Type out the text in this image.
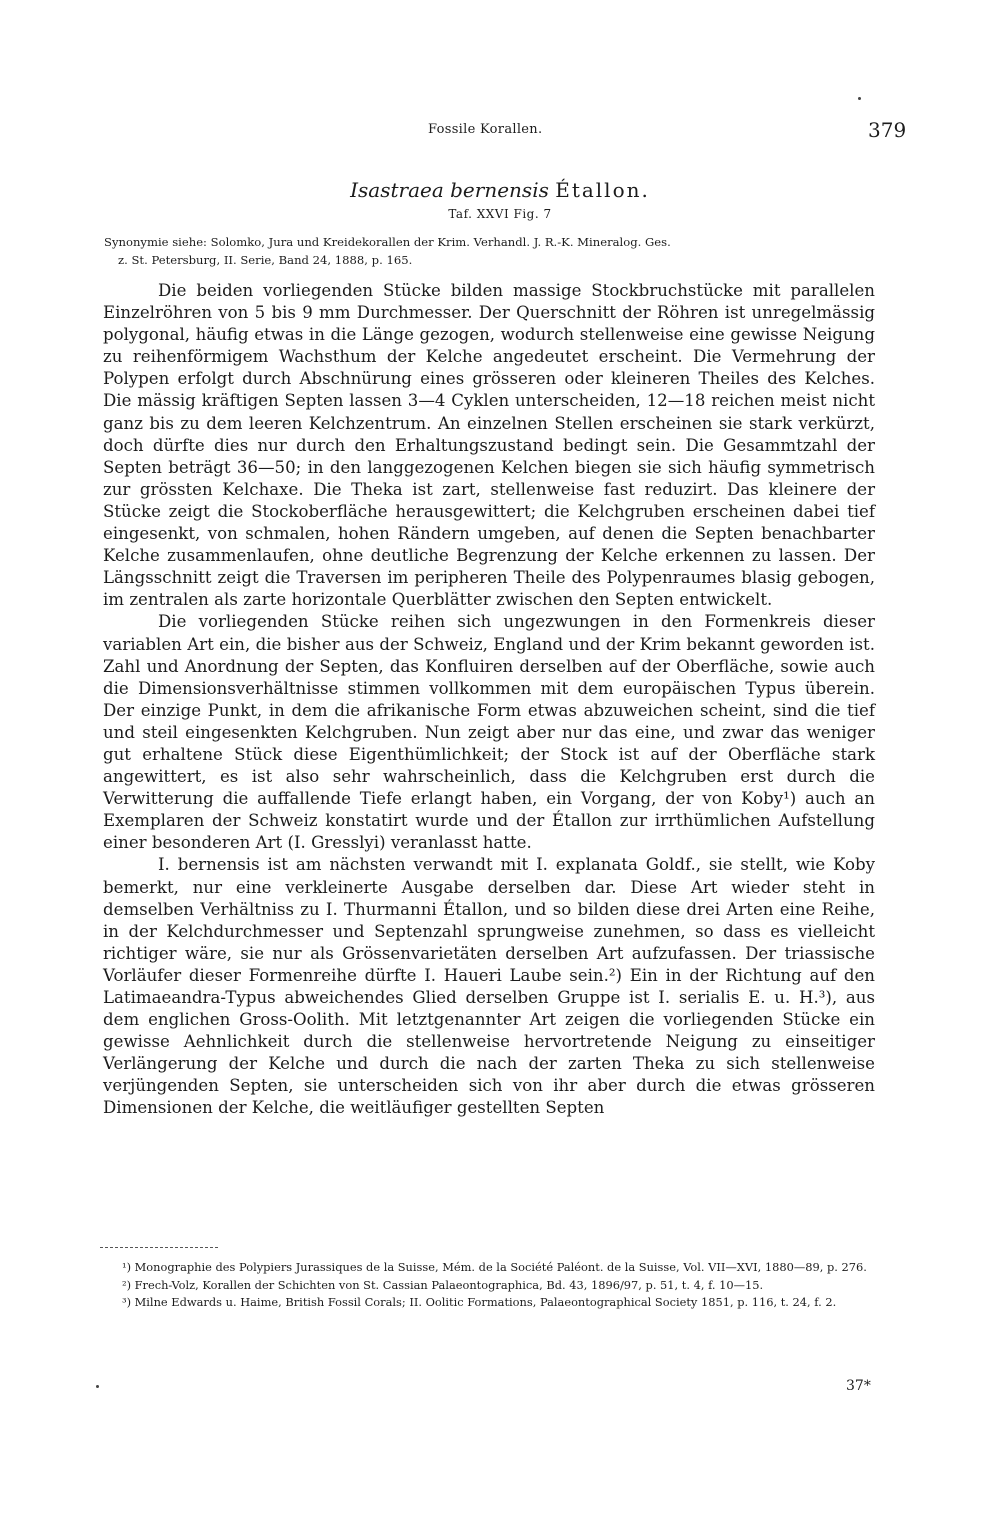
Fossile Korallen.	379
Isastraea bernensis Étallon.
Taf. XXVI Fig. 7
Synonymie siehe: Solomko, Jura und Kreidekorallen der Krim. Verhandl. J. R.-K. Mineralog. Ges.
z. St. Petersburg, II. Serie, Band 24, 1888, p. 165.

Die beiden vorliegenden Stücke bilden massige Stockbruchstücke mit parallelen Einzelröhren von 5 bis 9 mm Durchmesser. Der Querschnitt der Röhren ist unregelmässig polygonal, häufig etwas in die Länge gezogen, wodurch stellenweise eine gewisse Neigung zu reihenförmigem Wachsthum der Kelche angedeutet erscheint. Die Vermehrung der Polypen erfolgt durch Abschnürung eines grösseren oder kleineren Theiles des Kelches. Die mässig kräftigen Septen lassen 3—4 Cyklen unterscheiden, 12—18 reichen meist nicht ganz bis zu dem leeren Kelchzentrum. An einzelnen Stellen erscheinen sie stark verkürzt, doch dürfte dies nur durch den Erhaltungszustand bedingt sein. Die Gesammtzahl der Septen beträgt 36—50; in den langgezogenen Kelchen biegen sie sich häufig symmetrisch zur grössten Kelchaxe. Die Theka ist zart, stellenweise fast reduzirt. Das kleinere der Stücke zeigt die Stockoberfläche herausgewittert; die Kelchgruben erscheinen dabei tief eingesenkt, von schmalen, hohen Rändern umgeben, auf denen die Septen benachbarter Kelche zusammenlaufen, ohne deutliche Begrenzung der Kelche erkennen zu lassen. Der Längsschnitt zeigt die Traversen im peripheren Theile des Polypenraumes blasig gebogen, im zentralen als zarte horizontale Querblätter zwischen den Septen entwickelt.

Die vorliegenden Stücke reihen sich ungezwungen in den Formenkreis dieser variablen Art ein, die bisher aus der Schweiz, England und der Krim bekannt geworden ist. Zahl und Anordnung der Septen, das Konfluiren derselben auf der Oberfläche, sowie auch die Dimensionsverhältnisse stimmen vollkommen mit dem europäischen Typus überein. Der einzige Punkt, in dem die afrikanische Form etwas abzuweichen scheint, sind die tief und steil eingesenkten Kelchgruben. Nun zeigt aber nur das eine, und zwar das weniger gut erhaltene Stück diese Eigenthümlichkeit; der Stock ist auf der Oberfläche stark angewittert, es ist also sehr wahrscheinlich, dass die Kelchgruben erst durch die Verwitterung die auffallende Tiefe erlangt haben, ein Vorgang, der von Koby¹) auch an Exemplaren der Schweiz konstatirt wurde und der Étallon zur irrthümlichen Aufstellung einer besonderen Art (I. Gresslyi) veranlasst hatte.

I. bernensis ist am nächsten verwandt mit I. explanata Goldf., sie stellt, wie Koby bemerkt, nur eine verkleinerte Ausgabe derselben dar. Diese Art wieder steht in demselben Verhältniss zu I. Thurmanni Étallon, und so bilden diese drei Arten eine Reihe, in der Kelchdurchmesser und Septenzahl sprungweise zunehmen, so dass es vielleicht richtiger wäre, sie nur als Grössenvarietäten derselben Art aufzufassen. Der triassische Vorläufer dieser Formenreihe dürfte I. Haueri Laube sein.²) Ein in der Richtung auf den Latimaeandra-Typus abweichendes Glied derselben Gruppe ist I. serialis E. u. H.³), aus dem englichen Gross-Oolith. Mit letztgenannter Art zeigen die vorliegenden Stücke ein gewisse Aehnlichkeit durch die stellenweise hervortretende Neigung zu einseitiger Verlängerung der Kelche und durch die nach der zarten Theka zu sich stellenweise verjüngenden Septen, sie unterscheiden sich von ihr aber durch die etwas grösseren Dimensionen der Kelche, die weitläufiger gestellten Septen

¹) Monographie des Polypiers Jurassiques de la Suisse, Mém. de la Société Paléont. de la Suisse, Vol. VII—XVI, 1880—89, p. 276.

²) Frech-Volz, Korallen der Schichten von St. Cassian Palaeontographica, Bd. 43, 1896/97, p. 51, t. 4, f. 10—15.

³) Milne Edwards u. Haime, British Fossil Corals; II. Oolitic Formations, Palaeontographical Society 1851, p. 116, t. 24, f. 2.

37*
